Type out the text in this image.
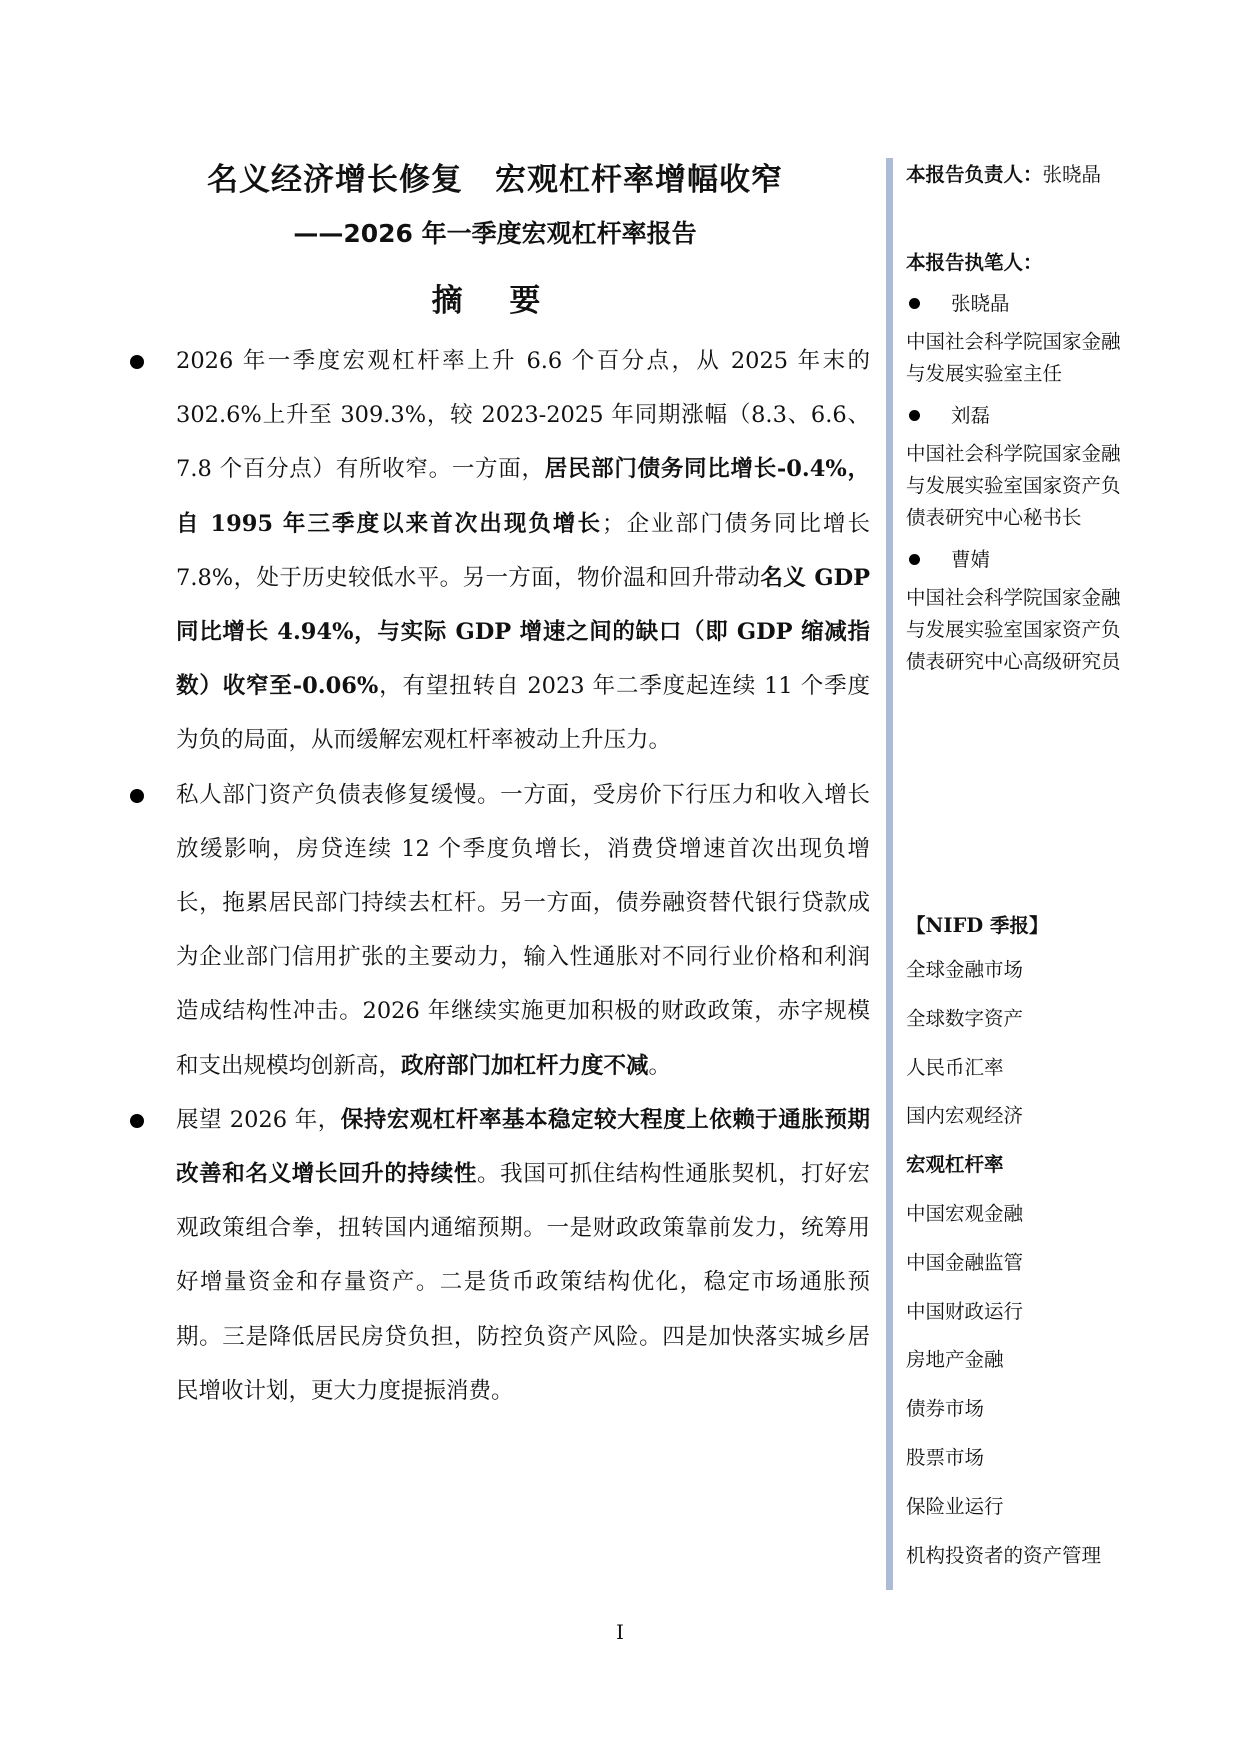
名义经济增长修复　宏观杠杆率增幅收窄
——2026 年一季度宏观杠杆率报告
摘 要

2026 年一季度宏观杠杆率上升 6.6 个百分点，从 2025 年末的 302.6%上升至 309.3%，较 2023-2025 年同期涨幅（8.3、6.6、7.8 个百分点）有所收窄。一方面，居民部门债务同比增长-0.4%，自 1995 年三季度以来首次出现负增长；企业部门债务同比增长 7.8%，处于历史较低水平。另一方面，物价温和回升带动名义 GDP 同比增长 4.94%，与实际 GDP 增速之间的缺口（即 GDP 缩减指数）收窄至-0.06%，有望扭转自 2023 年二季度起连续 11 个季度为负的局面，从而缓解宏观杠杆率被动上升压力。

私人部门资产负债表修复缓慢。一方面，受房价下行压力和收入增长放缓影响，房贷连续 12 个季度负增长，消费贷增速首次出现负增长，拖累居民部门持续去杠杆。另一方面，债券融资替代银行贷款成为企业部门信用扩张的主要动力，输入性通胀对不同行业价格和利润造成结构性冲击。2026 年继续实施更加积极的财政政策，赤字规模和支出规模均创新高，政府部门加杠杆力度不减。

展望 2026 年，保持宏观杠杆率基本稳定较大程度上依赖于通胀预期改善和名义增长回升的持续性。我国可抓住结构性通胀契机，打好宏观政策组合拳，扭转国内通缩预期。一是财政政策靠前发力，统筹用好增量资金和存量资产。二是货币政策结构优化，稳定市场通胀预期。三是降低居民房贷负担，防控负资产风险。四是加快落实城乡居民增收计划，更大力度提振消费。

本报告负责人：张晓晶

本报告执笔人：

张晓晶
中国社会科学院国家金融与发展实验室主任
刘磊
中国社会科学院国家金融与发展实验室国家资产负债表研究中心秘书长
曹婧
中国社会科学院国家金融与发展实验室国家资产负债表研究中心高级研究员
【NIFD 季报】
全球金融市场
全球数字资产
人民币汇率
国内宏观经济
宏观杠杆率
中国宏观金融
中国金融监管
中国财政运行
房地产金融
债券市场
股票市场
保险业运行
机构投资者的资产管理
I
